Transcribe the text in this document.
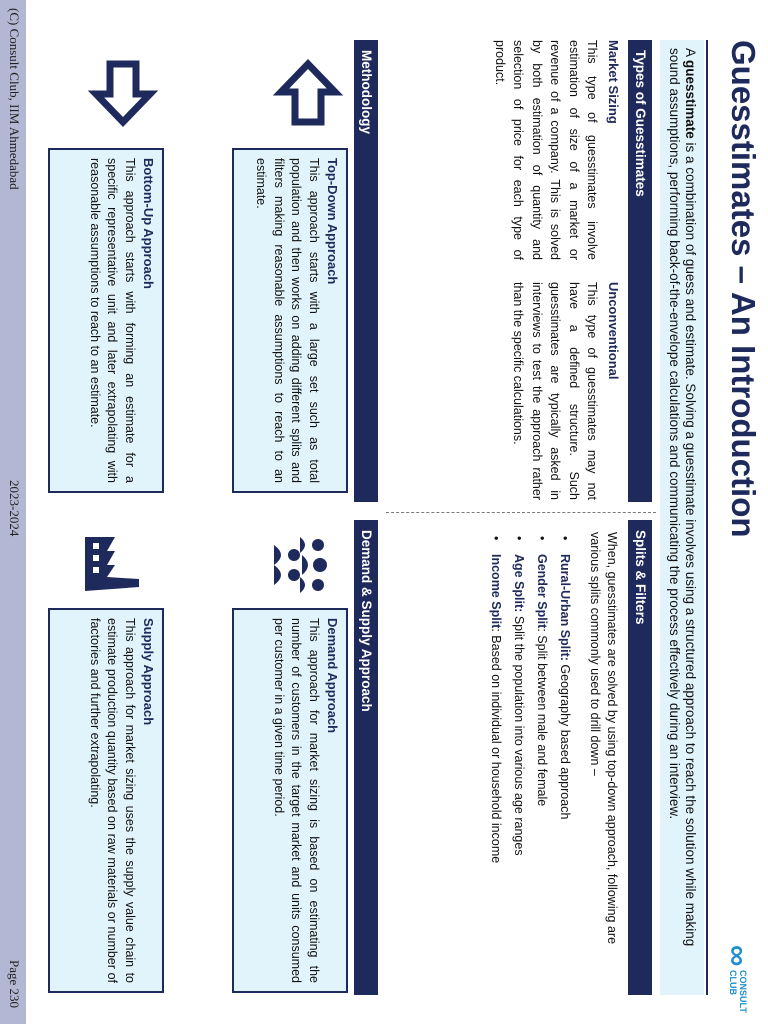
Guesstimates – An Introduction
∞
CONSULT
CLUB

A guesstimate is a combination of guess and estimate. Solving a guesstimate involves using a structured approach to reach the solution while making sound assumptions, performing back-of-the-envelope calculations and communicating the process effectively during an interview.

Types of Guesstimates
Market Sizing
This type of guesstimates involve estimation of size of a market or revenue of a company. This is solved by both estimation of quantity and selection of price for each type of product.
Unconventional
This type of guesstimates may not have a defined structure. Such guesstimates are typically asked in interviews to test the approach rather than the specific calculations.
Splits & Filters
When, guesstimates are solved by using top-down approach, following are various splits commonly used to drill down –
• Rural-Urban Split: Geography based approach
• Gender Split: Split between male and female
• Age Split: Split the population into various age ranges
• Income Split: Based on individual or household income
Methodology
Top-Down Approach

This approach starts with a large set such as total population and then works on adding different splits and filters making reasonable assumptions to reach to an estimate.

Bottom-Up Approach

This approach starts with forming an estimate for a specific representative unit and later extrapolating with reasonable assumptions to reach to an estimate.

Demand & Supply Approach
Demand Approach

This approach for market sizing is based on estimating the number of customers in the target market and units consumed per customer in a given time period.

Supply Approach

This approach for market sizing uses the supply value chain to estimate production quantity based on raw materials or number of factories and further extrapolating.

(C) Consult Club, IIM Ahmedabad
2023-2024
Page 230
